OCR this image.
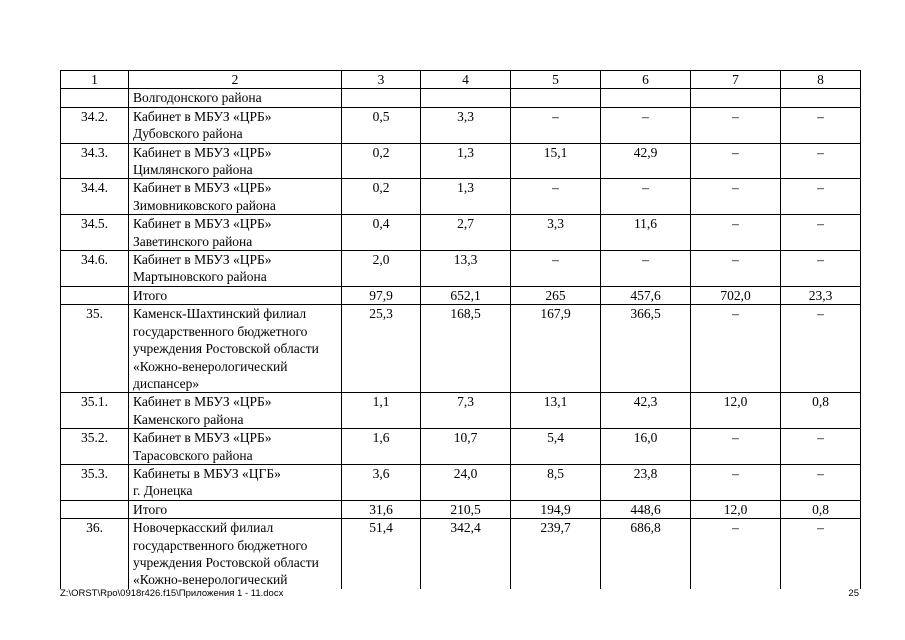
1	2	3	4	5	6	7	8

	Волгодонского района						

34.2.	Кабинет в МБУЗ «ЦРБ»
Дубовского района	0,5	3,3	–	–	–	–
34.3.	Кабинет в МБУЗ «ЦРБ»
Цимлянского района	0,2	1,3	15,1	42,9	–	–
34.4.	Кабинет в МБУЗ «ЦРБ»
Зимовниковского района	0,2	1,3	–	–	–	–
34.5.	Кабинет в МБУЗ «ЦРБ»
Заветинского района	0,4	2,7	3,3	11,6	–	–
34.6.	Кабинет в МБУЗ «ЦРБ»
Мартыновского района	2,0	13,3	–	–	–	–

	Итого	97,9	652,1	265	457,6	702,0	23,3
35.	Каменск-Шахтинский филиал
государственного бюджетного
учреждения Ростовской области
«Кожно-венерологический
диспансер»	25,3	168,5	167,9	366,5	–	–
35.1.	Кабинет в МБУЗ «ЦРБ»
Каменского района	1,1	7,3	13,1	42,3	12,0	0,8
35.2.	Кабинет в МБУЗ «ЦРБ»
Тарасовского района	1,6	10,7	5,4	16,0	–	–
35.3.	Кабинеты в МБУЗ «ЦГБ»
г. Донецка	3,6	24,0	8,5	23,8	–	–

	Итого	31,6	210,5	194,9	448,6	12,0	0,8
36.	Новочеркасский филиал
государственного бюджетного
учреждения Ростовской области
«Кожно-венерологический	51,4	342,4	239,7	686,8	–	–
Z:\ORST\Rpo\0918r426.f15\Приложения 1 - 11.docx	25
